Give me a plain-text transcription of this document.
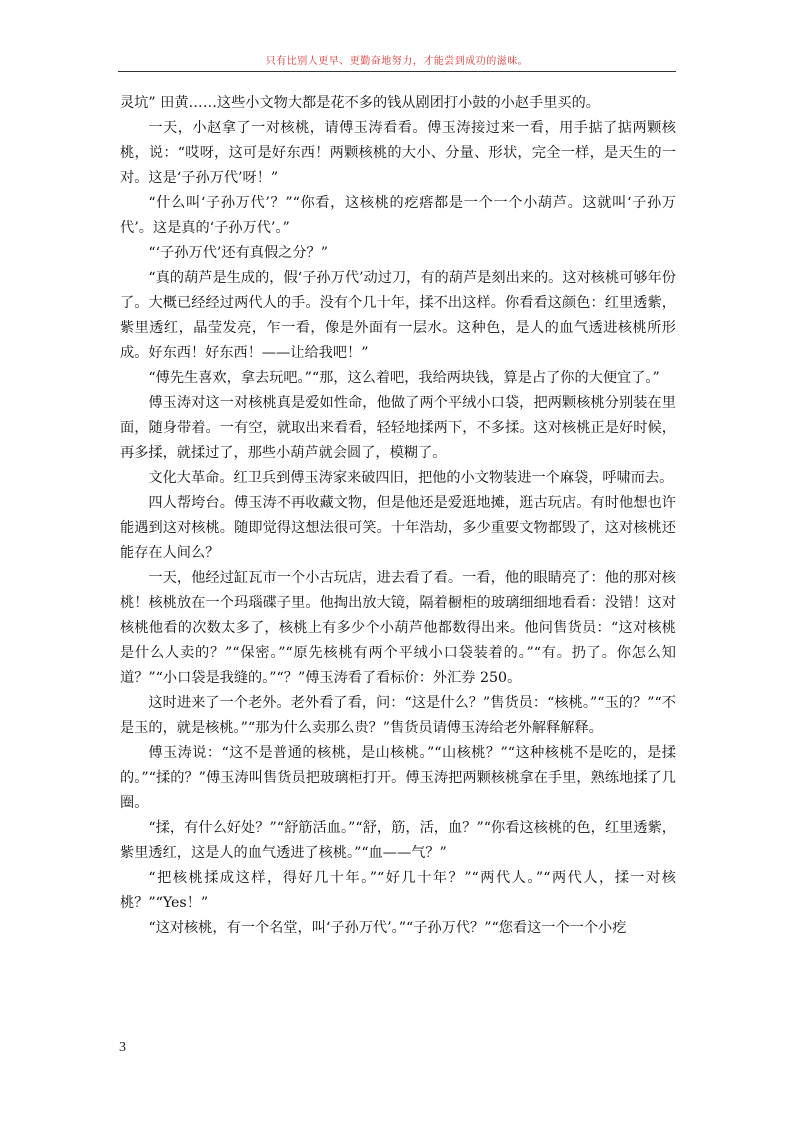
只有比别人更早、更勤奋地努力，才能尝到成功的滋味。

灵坑” 田黄……这些小文物大都是花不多的钱从剧团打小鼓的小赵手里买的。

一天，小赵拿了一对核桃，请傅玉涛看看。傅玉涛接过来一看，用手掂了掂两颗核桃，说：“哎呀，这可是好东西！两颗核桃的大小、分量、形状，完全一样，是天生的一对。这是‘子孙万代’呀！”

“什么叫‘子孙万代’？”“你看，这核桃的疙瘩都是一个一个小葫芦。这就叫‘子孙万代’。这是真的‘子孙万代’。”

“‘子孙万代’还有真假之分？”

“真的葫芦是生成的，假‘子孙万代’动过刀，有的葫芦是刻出来的。这对核桃可够年份了。大概已经经过两代人的手。没有个几十年，揉不出这样。你看看这颜色：红里透紫，紫里透红，晶莹发亮，乍一看，像是外面有一层水。这种色，是人的血气透进核桃所形成。好东西！好东西！——让给我吧！”

“傅先生喜欢，拿去玩吧。”“那，这么着吧，我给两块钱，算是占了你的大便宜了。”

傅玉涛对这一对核桃真是爱如性命，他做了两个平绒小口袋，把两颗核桃分别装在里面，随身带着。一有空，就取出来看看，轻轻地揉两下，不多揉。这对核桃正是好时候，再多揉，就揉过了，那些小葫芦就会圆了，模糊了。

文化大革命。红卫兵到傅玉涛家来破四旧，把他的小文物装进一个麻袋，呼啸而去。

四人帮垮台。傅玉涛不再收藏文物，但是他还是爱逛地摊，逛古玩店。有时他想也许能遇到这对核桃。随即觉得这想法很可笑。十年浩劫，多少重要文物都毁了，这对核桃还能存在人间么？

一天，他经过缸瓦市一个小古玩店，进去看了看。一看，他的眼睛亮了：他的那对核桃！核桃放在一个玛瑙碟子里。他掏出放大镜，隔着橱柜的玻璃细细地看看：没错！这对核桃他看的次数太多了，核桃上有多少个小葫芦他都数得出来。他问售货员：“这对核桃是什么人卖的？”“保密。”“原先核桃有两个平绒小口袋装着的。”“有。扔了。你怎么知道？”“小口袋是我缝的。”“？”傅玉涛看了看标价：外汇券 250。

这时进来了一个老外。老外看了看，问：“这是什么？”售货员：“核桃。”“玉的？”“不是玉的，就是核桃。”“那为什么卖那么贵？”售货员请傅玉涛给老外解释解释。

傅玉涛说：“这不是普通的核桃，是山核桃。”“山核桃？”“这种核桃不是吃的，是揉的。”“揉的？”傅玉涛叫售货员把玻璃柜打开。傅玉涛把两颗核桃拿在手里，熟练地揉了几圈。

“揉，有什么好处？”“舒筋活血。”“舒，筋，活，血？”“你看这核桃的色，红里透紫，紫里透红，这是人的血气透进了核桃。”“血——气？”

“把核桃揉成这样，得好几十年。”“好几十年？”“两代人。”“两代人，揉一对核桃？”“Yes！”

“这对核桃，有一个名堂，叫‘子孙万代’。”“子孙万代？”“您看这一个一个小疙

3
